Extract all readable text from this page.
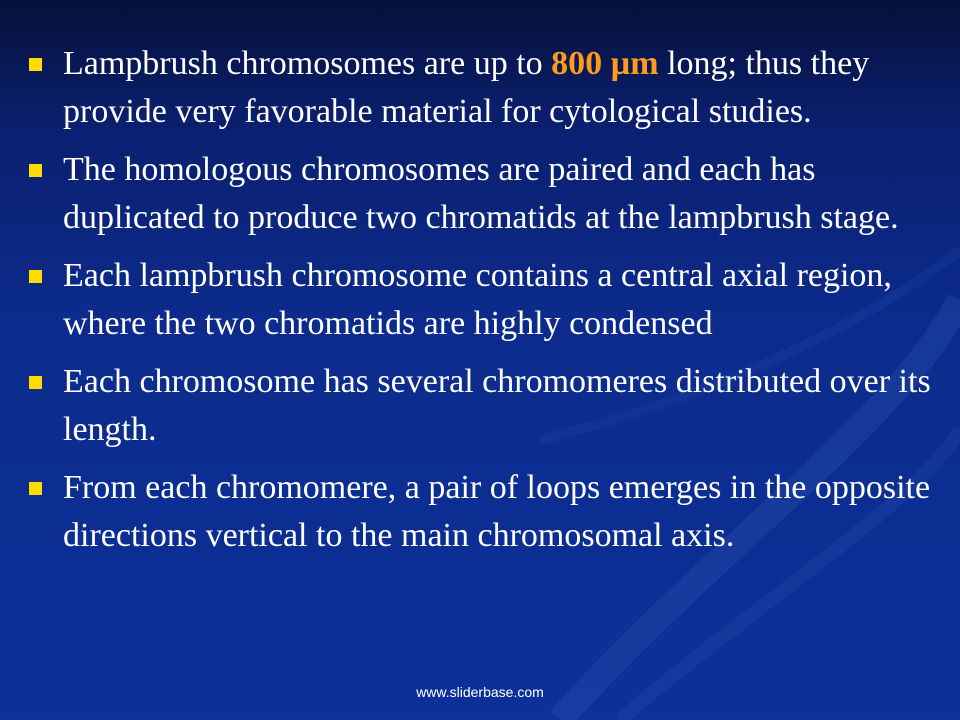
Lampbrush chromosomes are up to 800 µm long; thus they provide very favorable material for cytological studies.
The homologous chromosomes are paired and each has duplicated to produce two chromatids at the lampbrush stage.
Each lampbrush chromosome contains a central axial region, where the two chromatids are highly condensed
Each chromosome has several chromomeres distributed over its length.
From each chromomere, a pair of loops emerges in the opposite directions vertical to the main chromosomal axis.
www.sliderbase.com
